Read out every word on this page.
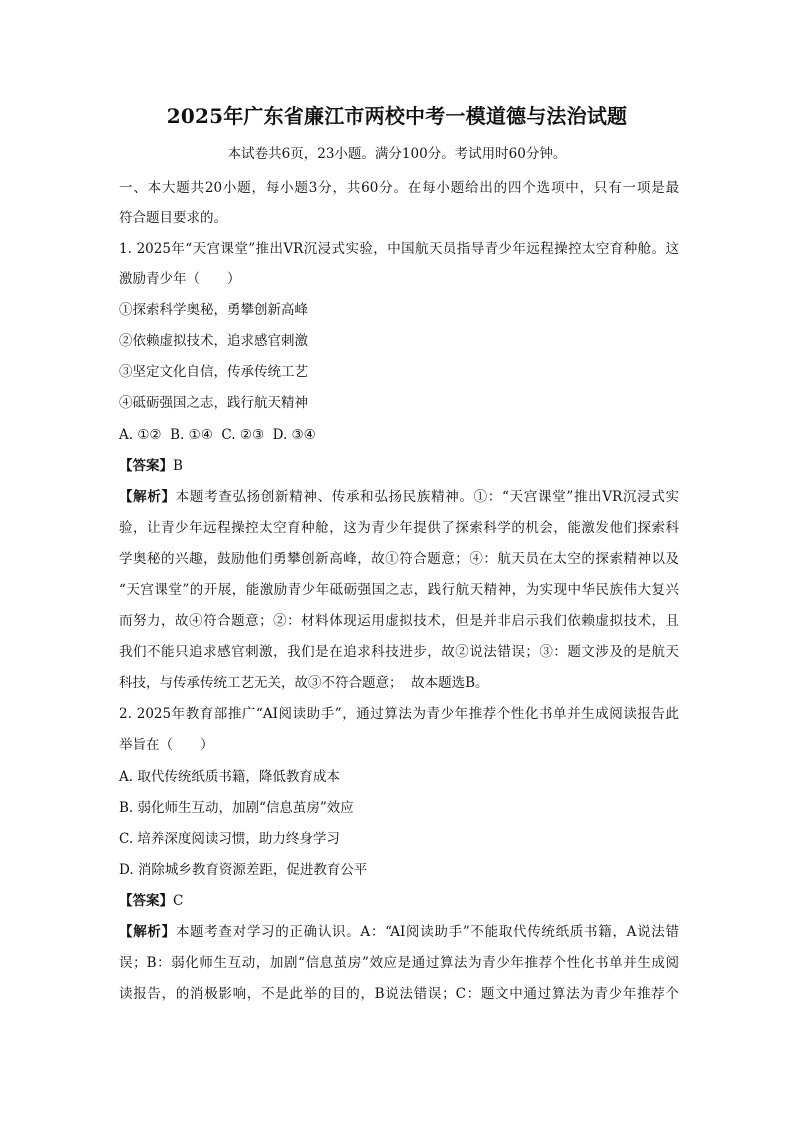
2025年广东省廉江市两校中考一模道德与法治试题
本试卷共6页，23小题。满分100分。考试用时60分钟。
一、本大题共20小题，每小题3分，共60分。在每小题给出的四个选项中，只有一项是最
符合题目要求的。
1. 2025年“天宫课堂”推出VR沉浸式实验，中国航天员指导青少年远程操控太空育种舱。这
激励青少年（　　）
①探索科学奥秘，勇攀创新高峰
②依赖虚拟技术，追求感官刺激
③坚定文化自信，传承传统工艺
④砥砺强国之志，践行航天精神
A. ①②  B. ①④  C. ②③  D. ③④
【答案】B
【解析】本题考查弘扬创新精神、传承和弘扬民族精神。①：“天宫课堂”推出VR沉浸式实
验，让青少年远程操控太空育种舱，这为青少年提供了探索科学的机会，能激发他们探索科
学奥秘的兴趣，鼓励他们勇攀创新高峰，故①符合题意；④：航天员在太空的探索精神以及
“天宫课堂”的开展，能激励青少年砥砺强国之志，践行航天精神，为实现中华民族伟大复兴
而努力，故④符合题意；②：材料体现运用虚拟技术，但是并非启示我们依赖虚拟技术，且
我们不能只追求感官刺激，我们是在追求科技进步，故②说法错误；③：题文涉及的是航天
科技，与传承传统工艺无关，故③不符合题意；  故本题选B。
2. 2025年教育部推广“AI阅读助手”，通过算法为青少年推荐个性化书单并生成阅读报告此
举旨在（　　）
A. 取代传统纸质书籍，降低教育成本
B. 弱化师生互动，加剧“信息茧房”效应
C. 培养深度阅读习惯，助力终身学习
D. 消除城乡教育资源差距，促进教育公平
【答案】C
【解析】本题考查对学习的正确认识。A：“AI阅读助手”不能取代传统纸质书籍，A说法错
误；B：弱化师生互动，加剧“信息茧房”效应是通过算法为青少年推荐个性化书单并生成阅
读报告，的消极影响，不是此举的目的，B说法错误；C：题文中通过算法为青少年推荐个
